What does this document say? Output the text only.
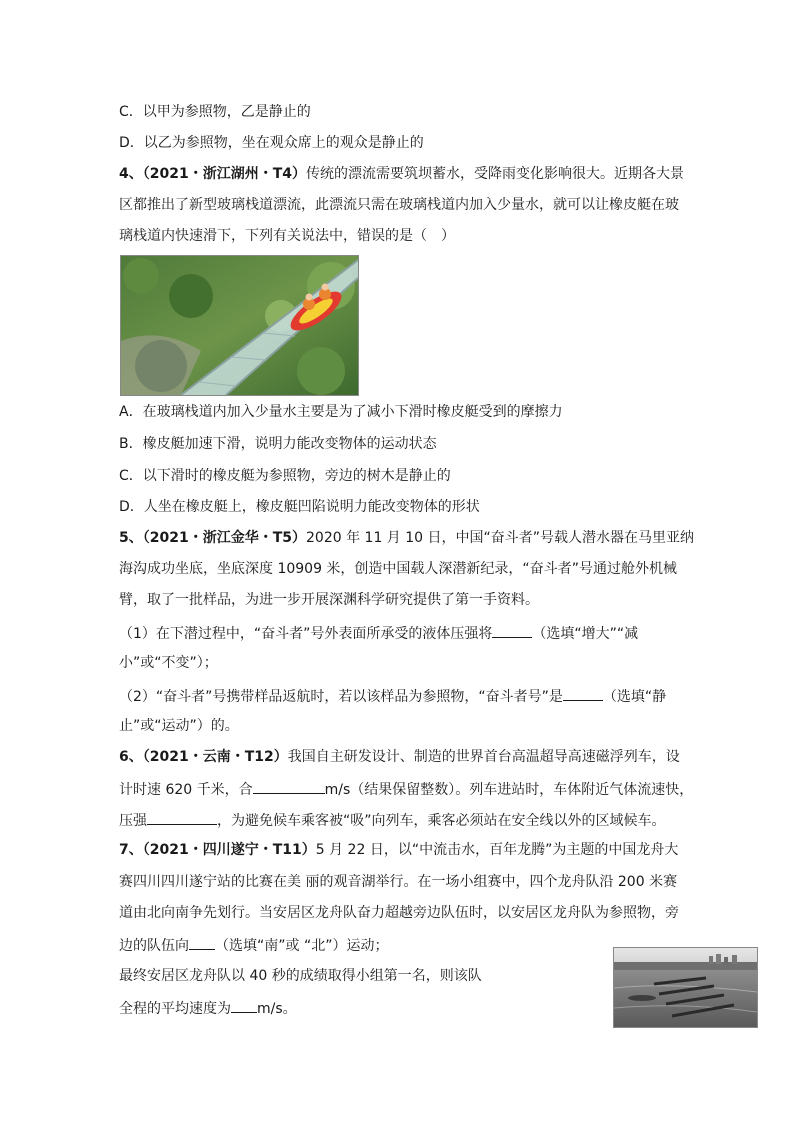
C．以甲为参照物，乙是静止的
D．以乙为参照物，坐在观众席上的观众是静止的
4、（2021・浙江湖州・T4）传统的漂流需要筑坝蓄水，受降雨变化影响很大。近期各大景
区都推出了新型玻璃栈道漂流，此漂流只需在玻璃栈道内加入少量水，就可以让橡皮艇在玻
璃栈道内快速滑下，下列有关说法中，错误的是（　）
A．在玻璃栈道内加入少量水主要是为了减小下滑时橡皮艇受到的摩擦力
B．橡皮艇加速下滑，说明力能改变物体的运动状态
C．以下滑时的橡皮艇为参照物，旁边的树木是静止的
D．人坐在橡皮艇上，橡皮艇凹陷说明力能改变物体的形状
5、（2021・浙江金华・T5）2020 年 11 月 10 日，中国“奋斗者”号载人潜水器在马里亚纳
海沟成功坐底，坐底深度 10909 米，创造中国载人深潜新纪录，“奋斗者”号通过舱外机械
臂，取了一批样品，为进一步开展深渊科学研究提供了第一手资料。
（1）在下潜过程中，“奋斗者”号外表面所承受的液体压强将	（选填“增大”“减
小”或“不变”）；
（2）“奋斗者”号携带样品返航时，若以该样品为参照物，“奋斗者号”是	（选填“静
止”或“运动”）的。
6、（2021・云南・T12）我国自主研发设计、制造的世界首台高温超导高速磁浮列车，设
计时速 620 千米，合	m/s（结果保留整数）。列车进站时，车体附近气体流速快，
压强	，为避免候车乘客被“吸”向列车，乘客必须站在安全线以外的区域候车。
7、（2021・四川遂宁・T11）5 月 22 日，以“中流击水，百年龙腾”为主题的中国龙舟大
赛四川四川遂宁站的比赛在美 丽的观音湖举行。在一场小组赛中，四个龙舟队沿 200 米赛
道由北向南争先划行。当安居区龙舟队奋力超越旁边队伍时，以安居区龙舟队为参照物，旁
边的队伍向 （选填“南”或 “北”）运动；
最终安居区龙舟队以 40 秒的成绩取得小组第一名，则该队
全程的平均速度为 m/s。
